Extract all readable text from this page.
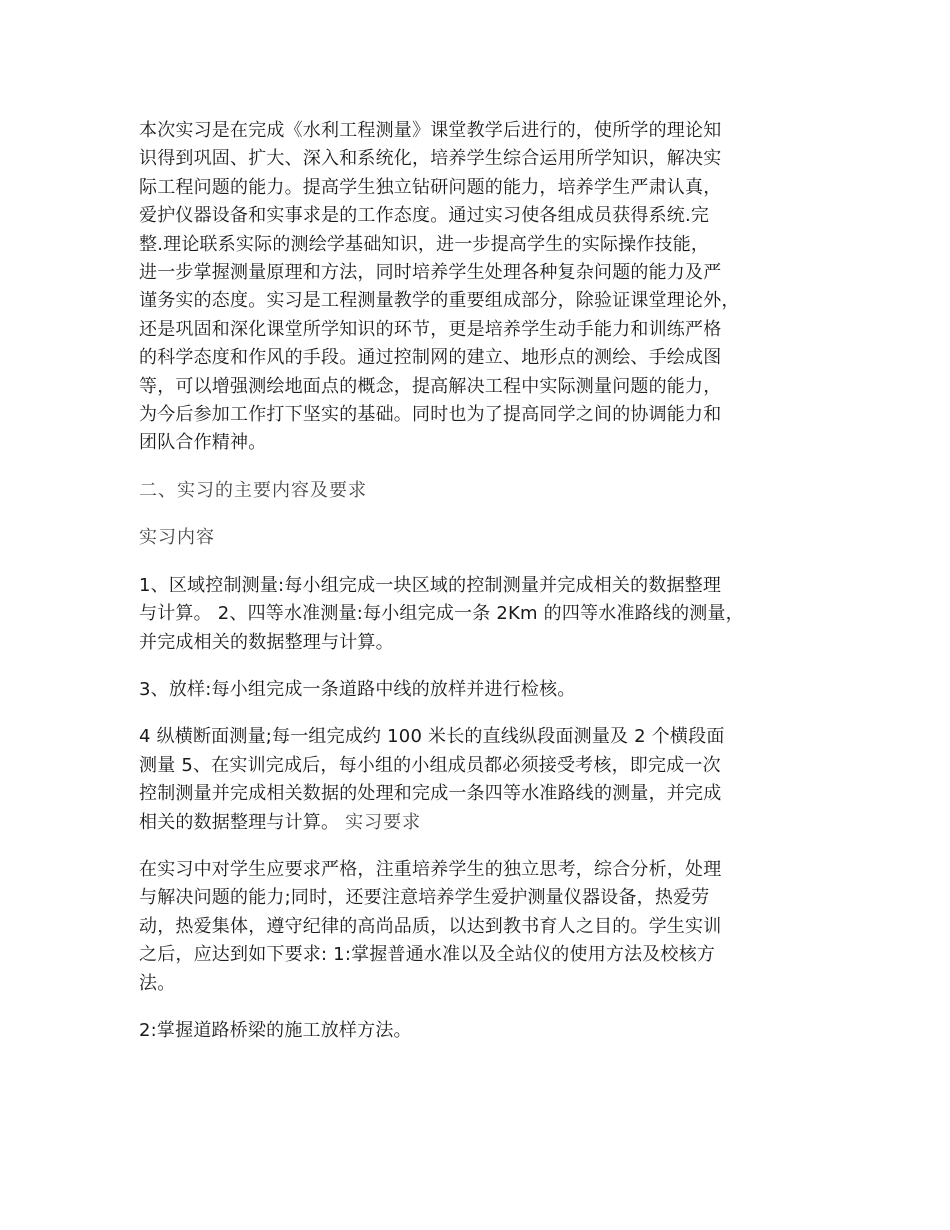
本次实习是在完成《水利工程测量》课堂教学后进行的，使所学的理论知
识得到巩固、扩大、深入和系统化，培养学生综合运用所学知识，解决实
际工程问题的能力。提高学生独立钻研问题的能力，培养学生严肃认真，
爱护仪器设备和实事求是的工作态度。通过实习使各组成员获得系统.完
整.理论联系实际的测绘学基础知识，进一步提高学生的实际操作技能，
进一步掌握测量原理和方法，同时培养学生处理各种复杂问题的能力及严
谨务实的态度。实习是工程测量教学的重要组成部分，除验证课堂理论外，
还是巩固和深化课堂所学知识的环节，更是培养学生动手能力和训练严格
的科学态度和作风的手段。通过控制网的建立、地形点的测绘、手绘成图
等，可以增强测绘地面点的概念，提高解决工程中实际测量问题的能力，
为今后参加工作打下坚实的基础。同时也为了提高同学之间的协调能力和
团队合作精神。
二、实习的主要内容及要求
实习内容
1、区域控制测量:每小组完成一块区域的控制测量并完成相关的数据整理
与计算。 2、四等水准测量:每小组完成一条 2Km 的四等水准路线的测量，
并完成相关的数据整理与计算。
3、放样:每小组完成一条道路中线的放样并进行检核。
4 纵横断面测量;每一组完成约 100 米长的直线纵段面测量及 2 个横段面
测量 5、在实训完成后，每小组的小组成员都必须接受考核，即完成一次
控制测量并完成相关数据的处理和完成一条四等水准路线的测量，并完成
相关的数据整理与计算。 实习要求
在实习中对学生应要求严格，注重培养学生的独立思考，综合分析，处理
与解决问题的能力;同时，还要注意培养学生爱护测量仪器设备，热爱劳
动，热爱集体，遵守纪律的高尚品质，以达到教书育人之目的。学生实训
之后，应达到如下要求: 1:掌握普通水准以及全站仪的使用方法及校核方
法。
2:掌握道路桥梁的施工放样方法。
